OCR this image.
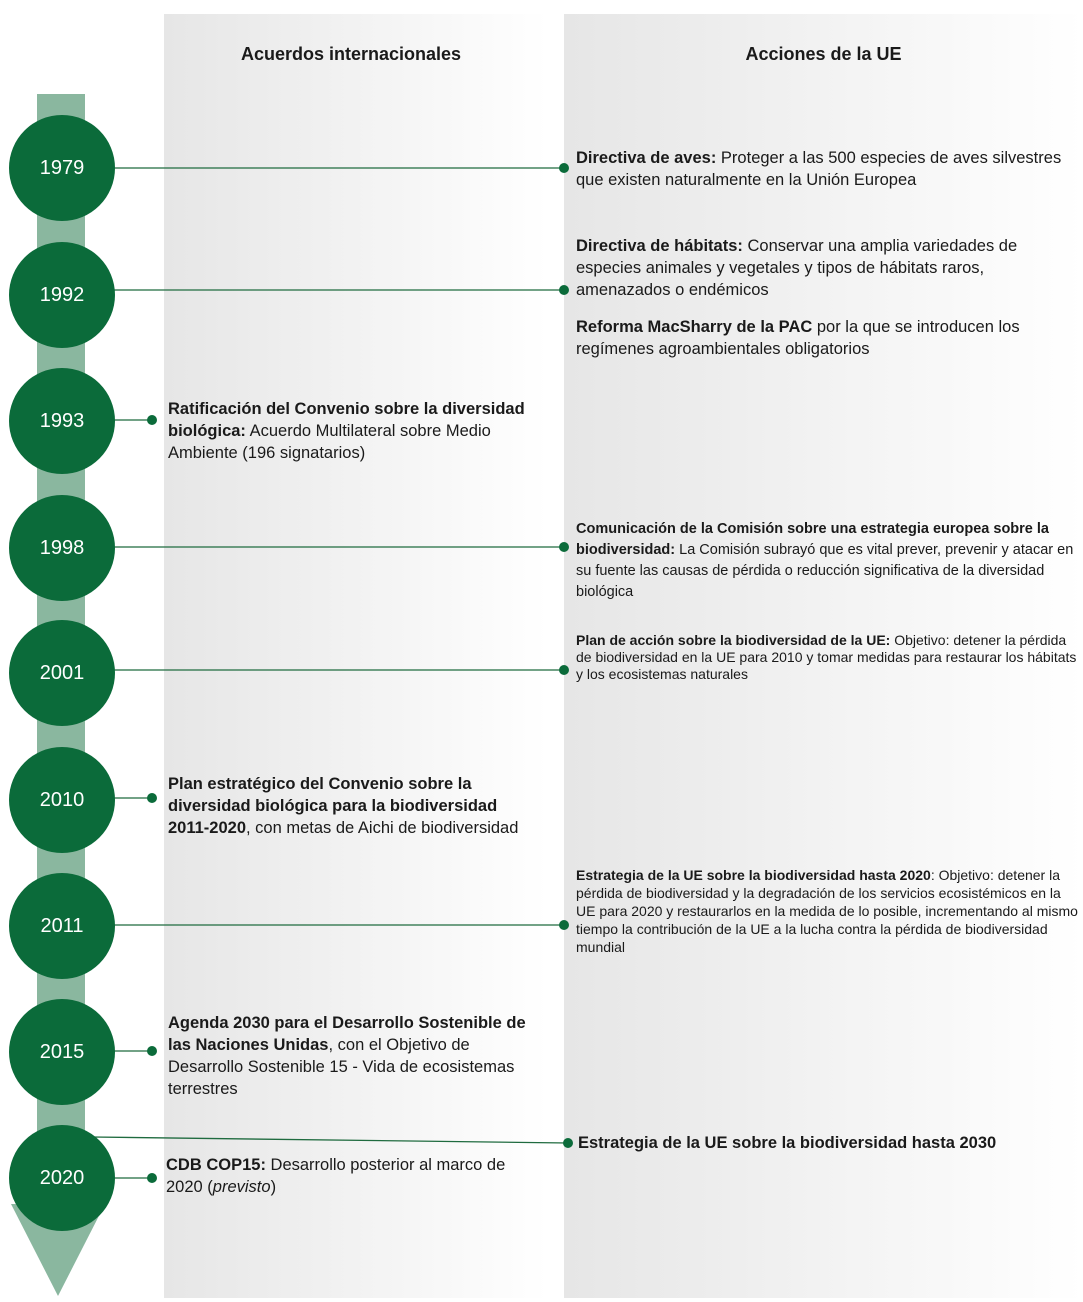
Acuerdos internacionales	Acciones de la UE
1979
1992
1993
1998
2001
2010
2011
2015
2020
Directiva de aves: Proteger a las 500 especies de aves silvestres que existen naturalmente en la Unión Europea
Directiva de hábitats: Conservar una amplia variedades de especies animales y vegetales y tipos de hábitats raros, amenazados o endémicos
Reforma MacSharry de la PAC por la que se introducen los regímenes agroambientales obligatorios
Comunicación de la Comisión sobre una estrategia europea sobre la biodiversidad: La Comisión subrayó que es vital prever, prevenir y atacar en su fuente las causas de pérdida o reducción significativa de la diversidad biológica
Plan de acción sobre la biodiversidad de la UE: Objetivo: detener la pérdida de biodiversidad en la UE para 2010 y tomar medidas para restaurar los hábitats y los ecosistemas naturales
Estrategia de la UE sobre la biodiversidad hasta 2020: Objetivo: detener la pérdida de biodiversidad y la degradación de los servicios ecosistémicos en la UE para 2020 y restaurarlos en la medida de lo posible, incrementando al mismo tiempo la contribución de la UE a la lucha contra la pérdida de biodiversidad mundial
Estrategia de la UE sobre la biodiversidad hasta 2030
Ratificación del Convenio sobre la diversidad biológica: Acuerdo Multilateral sobre Medio Ambiente (196 signatarios)
Plan estratégico del Convenio sobre la diversidad biológica para la biodiversidad 2011-2020, con metas de Aichi de biodiversidad
Agenda 2030 para el Desarrollo Sostenible de las Naciones Unidas, con el Objetivo de Desarrollo Sostenible 15 - Vida de ecosistemas terrestres
CDB COP15: Desarrollo posterior al marco de 2020 (previsto)
